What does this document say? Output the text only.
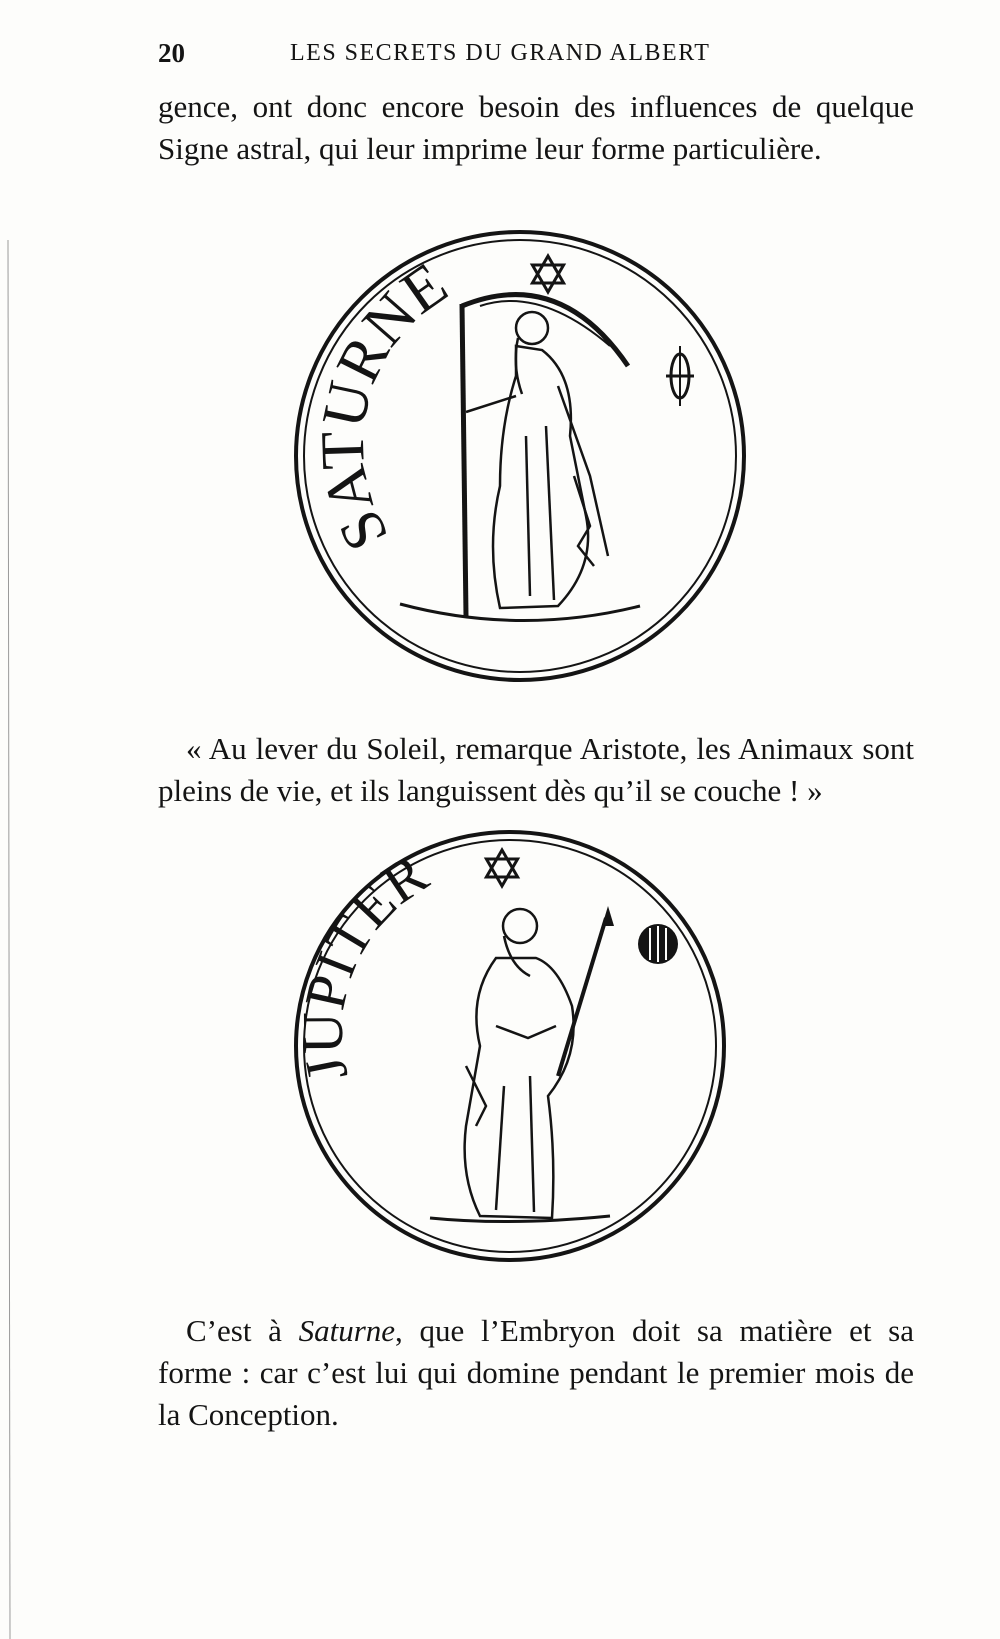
20	LES SECRETS DU GRAND ALBERT

gence, ont donc encore besoin des influences de quelque Signe astral, qui leur imprime leur forme particulière.

SATURNE

« Au lever du Soleil, remarque Aristote, les Animaux sont pleins de vie, et ils languissent dès qu’il se couche ! »

JUPITER

C’est à Saturne, que l’Embryon doit sa matière et sa forme : car c’est lui qui domine pendant le premier mois de la Conception.
